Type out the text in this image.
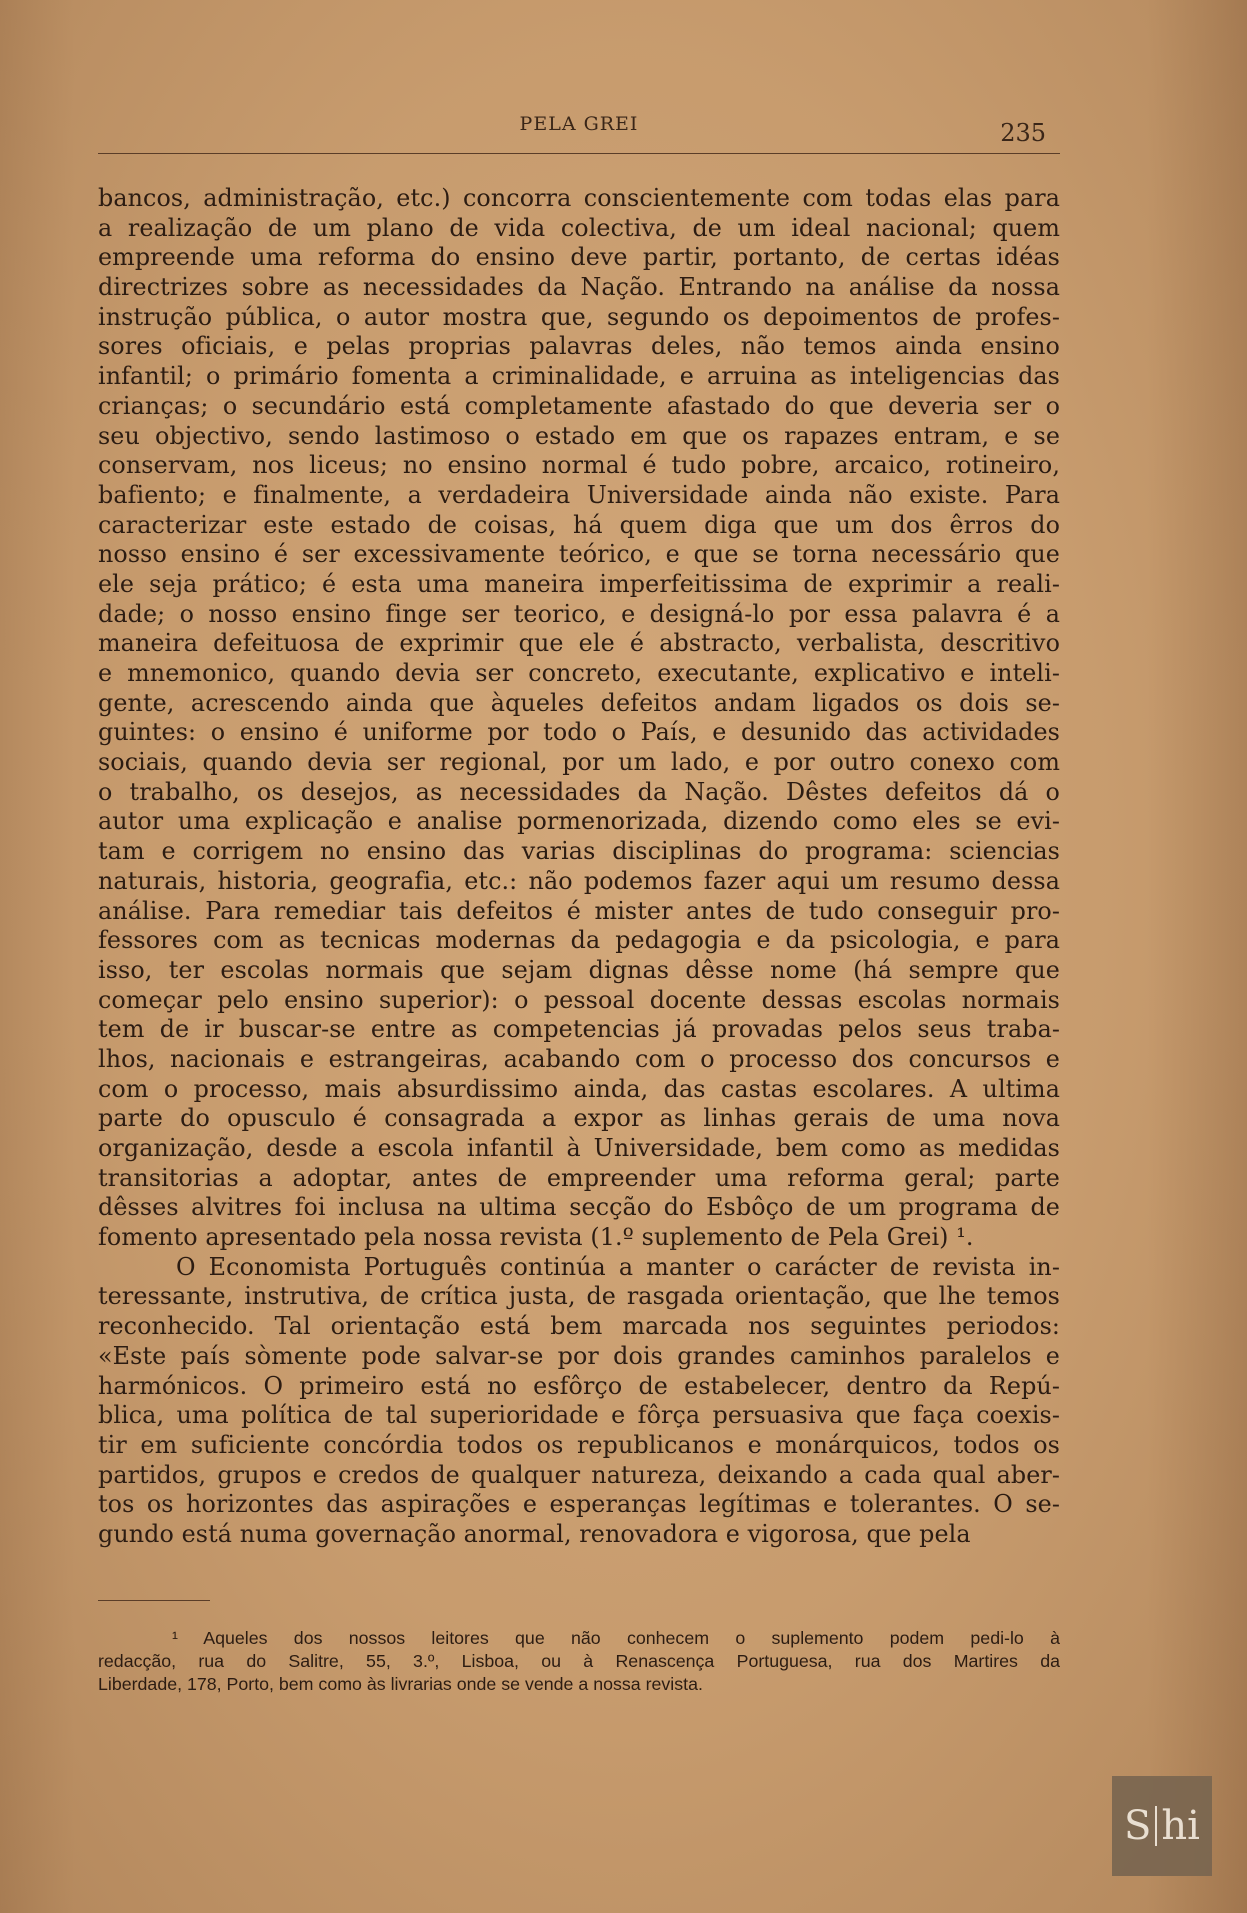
PELA GREI	235
bancos, administração, etc.) concorra conscientemente com todas elas para
a realização de um plano de vida colectiva, de um ideal nacional; quem
empreende uma reforma do ensino deve partir, portanto, de certas idéas
directrizes sobre as necessidades da Nação. Entrando na análise da nossa
instrução pública, o autor mostra que, segundo os depoimentos de profes-
sores oficiais, e pelas proprias palavras deles, não temos ainda ensino
infantil; o primário fomenta a criminalidade, e arruina as inteligencias das
crianças; o secundário está completamente afastado do que deveria ser o
seu objectivo, sendo lastimoso o estado em que os rapazes entram, e se
conservam, nos liceus; no ensino normal é tudo pobre, arcaico, rotineiro,
bafiento; e finalmente, a verdadeira Universidade ainda não existe. Para
caracterizar este estado de coisas, há quem diga que um dos êrros do
nosso ensino é ser excessivamente teórico, e que se torna necessário que
ele seja prático; é esta uma maneira imperfeitissima de exprimir a reali-
dade; o nosso ensino finge ser teorico, e designá-lo por essa palavra é a
maneira defeituosa de exprimir que ele é abstracto, verbalista, descritivo
e mnemonico, quando devia ser concreto, executante, explicativo e inteli-
gente, acrescendo ainda que àqueles defeitos andam ligados os dois se-
guintes: o ensino é uniforme por todo o País, e desunido das actividades
sociais, quando devia ser regional, por um lado, e por outro conexo com
o trabalho, os desejos, as necessidades da Nação. Dêstes defeitos dá o
autor uma explicação e analise pormenorizada, dizendo como eles se evi-
tam e corrigem no ensino das varias disciplinas do programa: sciencias
naturais, historia, geografia, etc.: não podemos fazer aqui um resumo dessa
análise. Para remediar tais defeitos é mister antes de tudo conseguir pro-
fessores com as tecnicas modernas da pedagogia e da psicologia, e para
isso, ter escolas normais que sejam dignas dêsse nome (há sempre que
começar pelo ensino superior): o pessoal docente dessas escolas normais
tem de ir buscar-se entre as competencias já provadas pelos seus traba-
lhos, nacionais e estrangeiras, acabando com o processo dos concursos e
com o processo, mais absurdissimo ainda, das castas escolares. A ultima
parte do opusculo é consagrada a expor as linhas gerais de uma nova
organização, desde a escola infantil à Universidade, bem como as medidas
transitorias a adoptar, antes de empreender uma reforma geral; parte
dêsses alvitres foi inclusa na ultima secção do Esbôço de um programa de
fomento apresentado pela nossa revista (1.º suplemento de Pela Grei) ¹.
O Economista Português continúa a manter o carácter de revista in-
teressante, instrutiva, de crítica justa, de rasgada orientação, que lhe temos
reconhecido. Tal orientação está bem marcada nos seguintes periodos:
«Este país sòmente pode salvar-se por dois grandes caminhos paralelos e
harmónicos. O primeiro está no esfôrço de estabelecer, dentro da Repú-
blica, uma política de tal superioridade e fôrça persuasiva que faça coexis-
tir em suficiente concórdia todos os republicanos e monárquicos, todos os
partidos, grupos e credos de qualquer natureza, deixando a cada qual aber-
tos os horizontes das aspirações e esperanças legítimas e tolerantes. O se-
gundo está numa governação anormal, renovadora e vigorosa, que pela
¹ Aqueles dos nossos leitores que não conhecem o suplemento podem pedi-lo à
redacção, rua do Salitre, 55, 3.º, Lisboa, ou à Renascença Portuguesa, rua dos Martires da
Liberdade, 178, Porto, bem como às livrarias onde se vende a nossa revista.
S hi
